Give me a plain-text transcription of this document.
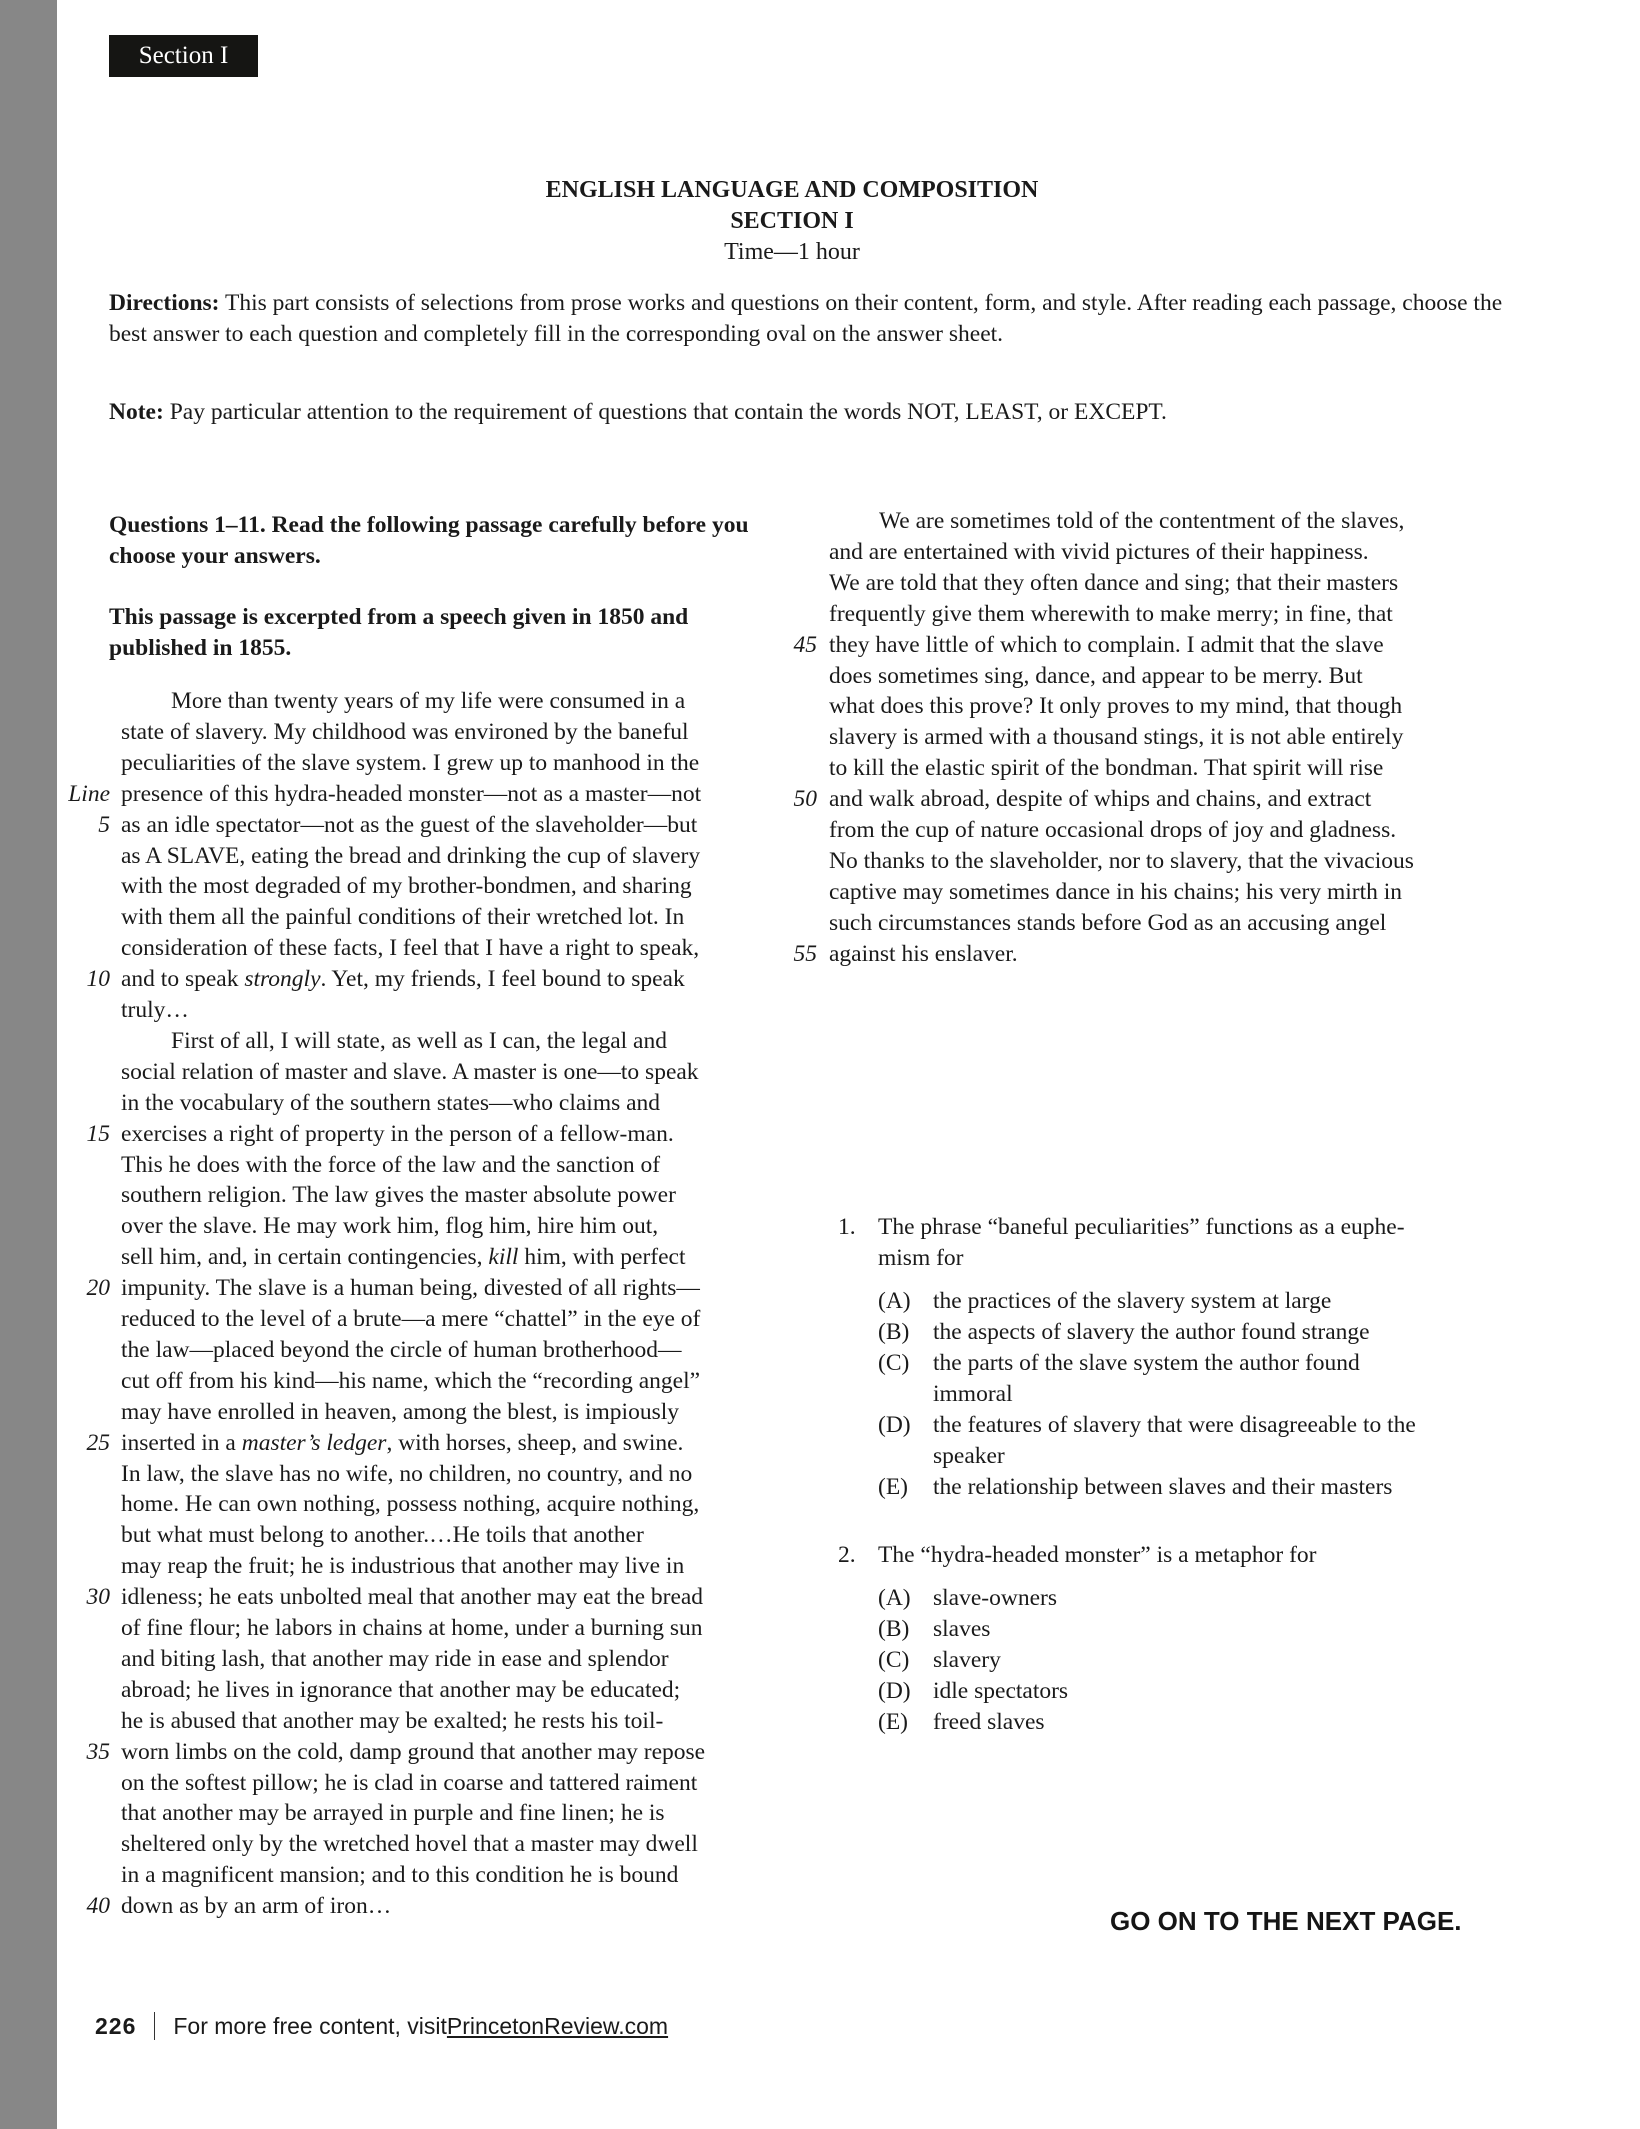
Section I
ENGLISH LANGUAGE AND COMPOSITION
SECTION I
Time—1 hour
Directions: This part consists of selections from prose works and questions on their content, form, and style. After reading each passage, choose the best answer to each question and completely fill in the corresponding oval on the answer sheet.
Note: Pay particular attention to the requirement of questions that contain the words NOT, LEAST, or EXCEPT.
Questions 1–11. Read the following passage carefully before you choose your answers.
This passage is excerpted from a speech given in 1850 and published in 1855.
More than twenty years of my life were consumed in a
state of slavery. My childhood was environed by the baneful
peculiarities of the slave system. I grew up to manhood in the
presence of this hydra-headed monster—not as a master—not
Line
as an idle spectator—not as the guest of the slaveholder—but
5
as A SLAVE, eating the bread and drinking the cup of slavery
with the most degraded of my brother-bondmen, and sharing
with them all the painful conditions of their wretched lot. In
consideration of these facts, I feel that I have a right to speak,
and to speak strongly. Yet, my friends, I feel bound to speak
10
truly…
First of all, I will state, as well as I can, the legal and
social relation of master and slave. A master is one—to speak
in the vocabulary of the southern states—who claims and
exercises a right of property in the person of a fellow-man.
15
This he does with the force of the law and the sanction of
southern religion. The law gives the master absolute power
over the slave. He may work him, flog him, hire him out,
sell him, and, in certain contingencies, kill him, with perfect
impunity. The slave is a human being, divested of all rights—
20
reduced to the level of a brute—a mere “chattel” in the eye of
the law—placed beyond the circle of human brotherhood—
cut off from his kind—his name, which the “recording angel”
may have enrolled in heaven, among the blest, is impiously
inserted in a master’s ledger, with horses, sheep, and swine.
25
In law, the slave has no wife, no children, no country, and no
home. He can own nothing, possess nothing, acquire nothing,
but what must belong to another.…He toils that another
may reap the fruit; he is industrious that another may live in
idleness; he eats unbolted meal that another may eat the bread
30
of fine flour; he labors in chains at home, under a burning sun
and biting lash, that another may ride in ease and splendor
abroad; he lives in ignorance that another may be educated;
he is abused that another may be exalted; he rests his toil-
worn limbs on the cold, damp ground that another may repose
35
on the softest pillow; he is clad in coarse and tattered raiment
that another may be arrayed in purple and fine linen; he is
sheltered only by the wretched hovel that a master may dwell
in a magnificent mansion; and to this condition he is bound
down as by an arm of iron…
40
We are sometimes told of the contentment of the slaves,
and are entertained with vivid pictures of their happiness.
We are told that they often dance and sing; that their masters
frequently give them wherewith to make merry; in fine, that
they have little of which to complain. I admit that the slave
45
does sometimes sing, dance, and appear to be merry. But
what does this prove? It only proves to my mind, that though
slavery is armed with a thousand stings, it is not able entirely
to kill the elastic spirit of the bondman. That spirit will rise
and walk abroad, despite of whips and chains, and extract
50
from the cup of nature occasional drops of joy and gladness.
No thanks to the slaveholder, nor to slavery, that the vivacious
captive may sometimes dance in his chains; his very mirth in
such circumstances stands before God as an accusing angel
against his enslaver.
55
1. The phrase “baneful peculiarities” functions as a euphe-
mism for
(A) the practices of the slavery system at large
(B)	the aspects of slavery the author found strange
(C)	the parts of the slave system the author found
immoral
(D) the features of slavery that were disagreeable to the
speaker
(E)	the relationship between slaves and their masters
2. The “hydra-headed monster” is a metaphor for
(A) slave-owners
(B)	slaves
(C)	slavery
(D) idle spectators
(E)	freed slaves
GO ON TO THE NEXT PAGE.
226 For more free content, visit PrincetonReview.com
